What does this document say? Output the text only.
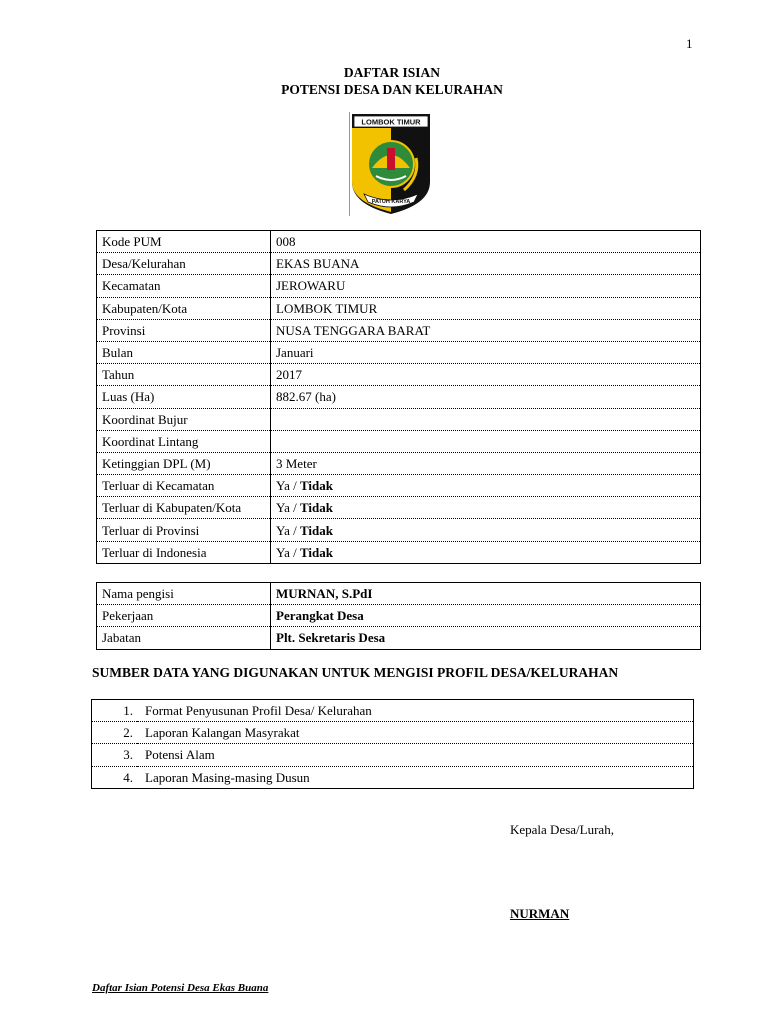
1
DAFTAR ISIAN
POTENSI DESA DAN KELURAHAN
LOMBOK TIMUR
PATUH KARYA
Kode PUM	008
Desa/Kelurahan	EKAS BUANA
Kecamatan	JEROWARU
Kabupaten/Kota	LOMBOK TIMUR
Provinsi	NUSA TENGGARA BARAT
Bulan	Januari
Tahun	2017
Luas (Ha)	882.67 (ha)
Koordinat Bujur	
Koordinat Lintang	
Ketinggian DPL (M)	3 Meter
Terluar di Kecamatan	Ya / Tidak
Terluar di Kabupaten/Kota	Ya / Tidak
Terluar di Provinsi	Ya / Tidak
Terluar di Indonesia	Ya / Tidak
Nama pengisi	MURNAN, S.PdI
Pekerjaan	Perangkat Desa
Jabatan	Plt. Sekretaris Desa
SUMBER DATA YANG DIGUNAKAN UNTUK MENGISI PROFIL DESA/KELURAHAN
1.	Format Penyusunan Profil Desa/ Kelurahan
2.	Laporan Kalangan Masyrakat
3.	Potensi Alam
4.	Laporan Masing-masing Dusun
Kepala Desa/Lurah,
NURMAN
Daftar Isian Potensi Desa Ekas Buana
